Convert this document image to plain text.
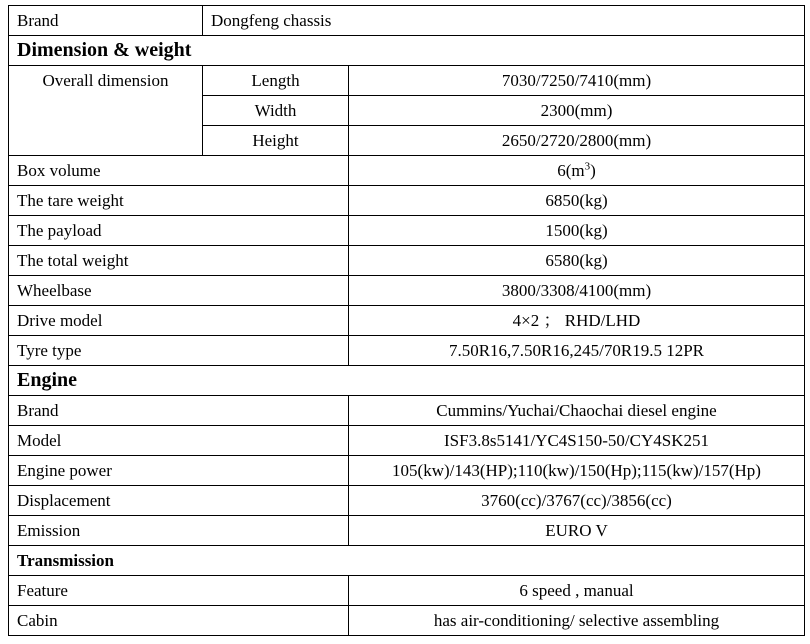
Brand	Dongfeng chassis	
Dimension & weight		
Overall dimension	Length	7030/7250/7410(mm)
	Width	2300(mm)
	Height	2650/2720/2800(mm)
Box volume		$6(m^3)$
The tare weight		6850(kg)
The payload		1500(kg)
The total weight		6580(kg)
Wheelbase		3800/3308/4100(mm)
Drive model		4×2 ； RHD/LHD
Tyre type		7.50R16,7.50R16,245/70R19.5 12PR
Engine		
Brand		Cummins/Yuchai/Chaochai diesel engine
Model		ISF3.8s5141/YC4S150-50/CY4SK251
Engine power		105(kw)/143(HP);110(kw)/150(Hp);115(kw)/157(Hp)
Displacement		3760(cc)/3767(cc)/3856(cc)
Emission		EURO V
Transmission		
Feature		6 speed , manual
Cabin		has air-conditioning/ selective assembling
